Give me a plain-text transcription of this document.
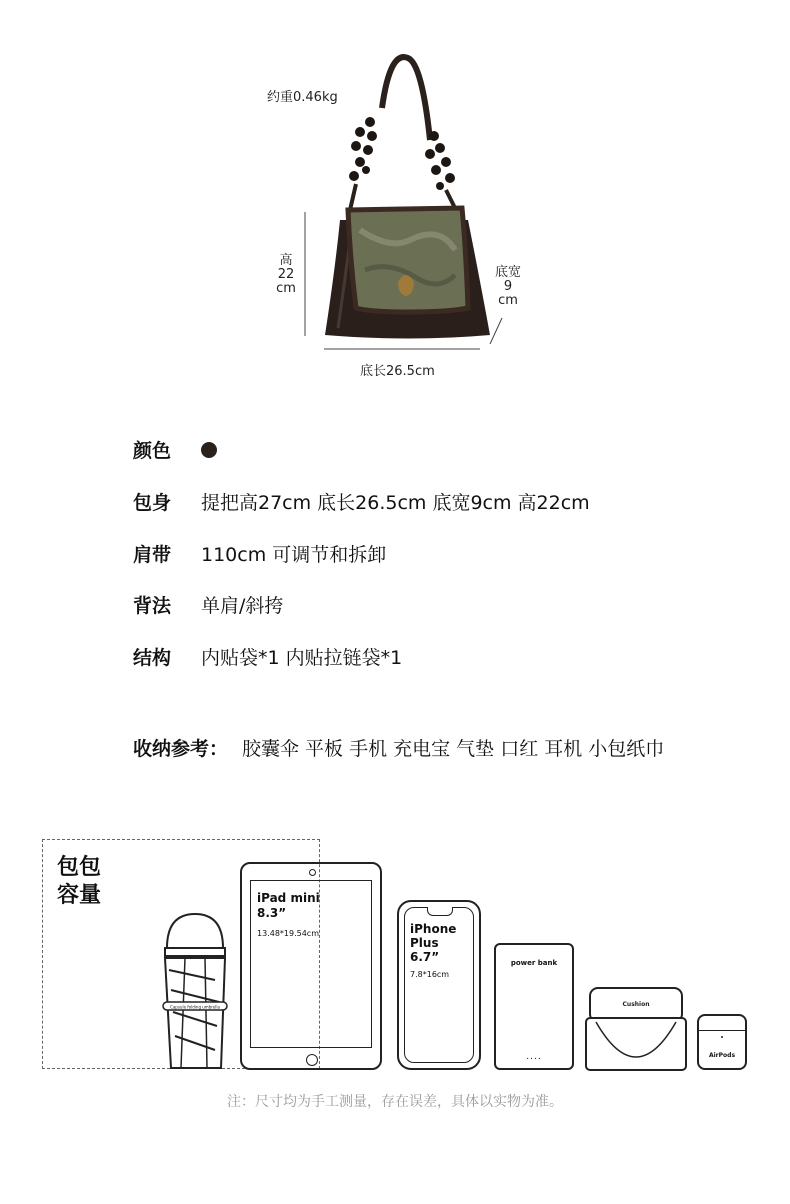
约重0.46kg
高
22
cm
底宽
9
cm
底长26.5cm
颜色
包身	提把高27cm 底长26.5cm 底宽9cm 高22cm
肩带	110cm 可调节和拆卸
背法	单肩/斜挎
结构	内贴袋*1 内贴拉链袋*1
收纳参考： 胶囊伞 平板 手机 充电宝 气垫 口红 耳机 小包纸巾
包包
容量
Capsule folding umbrella
iPad mini
8.3”
13.48*19.54cm	iPhone
Plus
6.7”
7.8*16cm
power bank
....
Cushion
AirPods
注：尺寸均为手工测量，存在误差，具体以实物为准。
